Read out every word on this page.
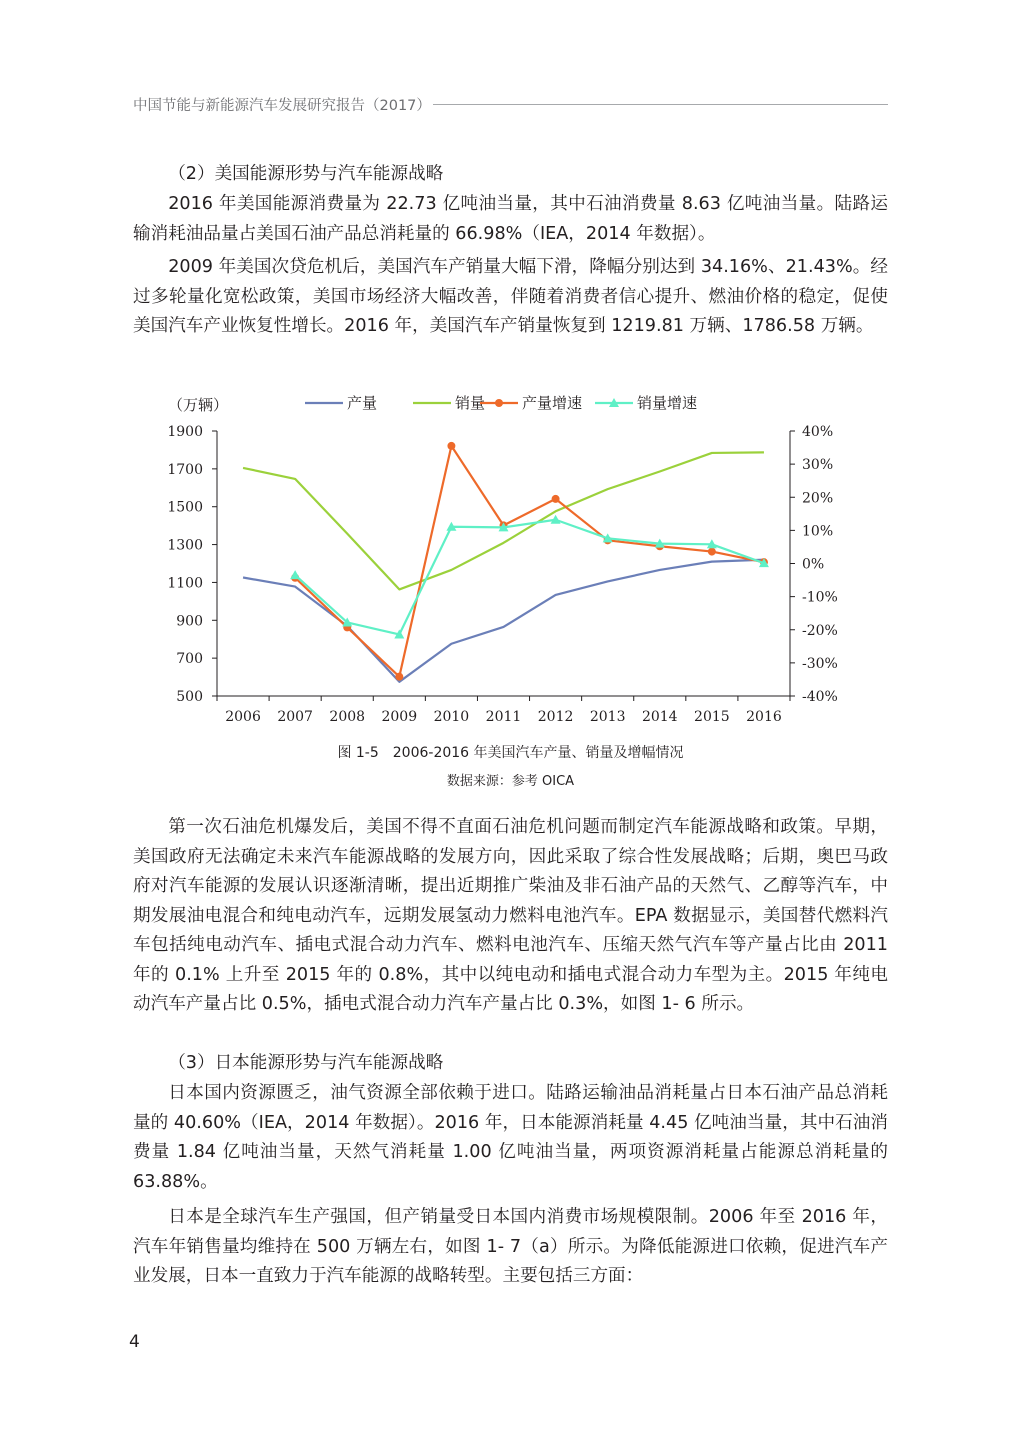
中国节能与新能源汽车发展研究报告（2017）

（2）美国能源形势与汽车能源战略

2016 年美国能源消费量为 22.73 亿吨油当量，其中石油消费量 8.63 亿吨油当量。陆路运输消耗油品量占美国石油产品总消耗量的 66.98%（IEA，2014 年数据）。

2009 年美国次贷危机后，美国汽车产销量大幅下滑，降幅分别达到 34.16%、21.43%。经过多轮量化宽松政策，美国市场经济大幅改善，伴随着消费者信心提升、燃油价格的稳定，促使美国汽车产业恢复性增长。2016 年，美国汽车产销量恢复到 1219.81 万辆、1786.58 万辆。

产量	销量 产量增速	销量增速
（万辆）
1900
1700
1500
1300
1100
900
700
500
40%
30%
20%
10%
0%
-10%
-20%
-30%
-40%
2006 2007 2008 2009 2010 2011 2012 2013 2014 2015 2016

图 1-5　2006-2016 年美国汽车产量、销量及增幅情况

数据来源：参考 OICA

第一次石油危机爆发后，美国不得不直面石油危机问题而制定汽车能源战略和政策。早期，美国政府无法确定未来汽车能源战略的发展方向，因此采取了综合性发展战略；后期，奥巴马政府对汽车能源的发展认识逐渐清晰，提出近期推广柴油及非石油产品的天然气、乙醇等汽车，中期发展油电混合和纯电动汽车，远期发展氢动力燃料电池汽车。EPA 数据显示，美国替代燃料汽车包括纯电动汽车、插电式混合动力汽车、燃料电池汽车、压缩天然气汽车等产量占比由 2011 年的 0.1% 上升至 2015 年的 0.8%，其中以纯电动和插电式混合动力车型为主。2015 年纯电动汽车产量占比 0.5%，插电式混合动力汽车产量占比 0.3%，如图 1- 6 所示。

（3）日本能源形势与汽车能源战略

日本国内资源匮乏，油气资源全部依赖于进口。陆路运输油品消耗量占日本石油产品总消耗量的 40.60%（IEA，2014 年数据）。2016 年，日本能源消耗量 4.45 亿吨油当量，其中石油消费量 1.84 亿吨油当量，天然气消耗量 1.00 亿吨油当量，两项资源消耗量占能源总消耗量的 63.88%。

日本是全球汽车生产强国，但产销量受日本国内消费市场规模限制。2006 年至 2016 年，汽车年销售量均维持在 500 万辆左右，如图 1- 7（a）所示。为降低能源进口依赖，促进汽车产业发展，日本一直致力于汽车能源的战略转型。主要包括三方面：

4
